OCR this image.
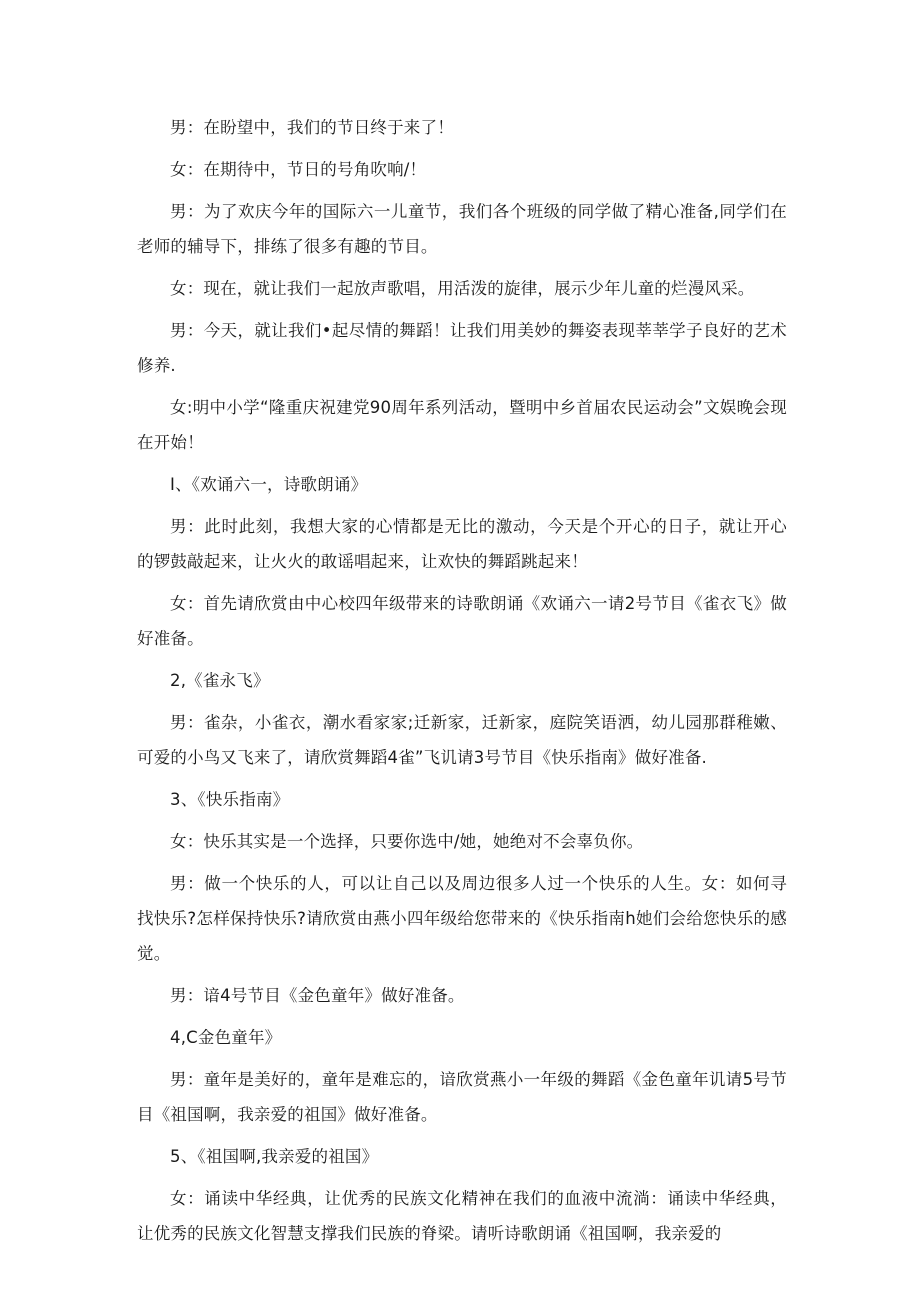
男：在盼望中，我们的节日终于来了！

女：在期待中，节日的号角吹响/！

男：为了欢庆今年的国际六一儿童节，我们各个班级的同学做了精心准备,同学们在老师的辅导下，排练了很多有趣的节目。

女：现在，就让我们一起放声歌唱，用活泼的旋律，展示少年儿童的烂漫风采。

男：今天，就让我们•起尽情的舞蹈！让我们用美妙的舞姿表现莘莘学子良好的艺术修养.

女:明中小学“隆重庆祝建党90周年系列活动，暨明中乡首届农民运动会”文娱晚会现在开始！

I、《欢诵六一，诗歌朗诵》

男：此时此刻，我想大家的心情都是无比的激动，今天是个开心的日子，就让开心的锣鼓敲起来，让火火的敢谣唱起来，让欢快的舞蹈跳起来！

女：首先请欣赏由中心校四年级带来的诗歌朗诵《欢诵六一请2号节目《雀衣飞》做好准备。

2,《雀永飞》

男：雀杂，小雀衣，潮水看家家;迁新家，迁新家，庭院笑语洒，幼儿园那群稚嫩、可爱的小鸟又飞来了，请欣赏舞蹈4雀”飞讥请3号节目《快乐指南》做好准备.

3、《快乐指南》

女：快乐其实是一个选择，只要你选中/她，她绝对不会辜负你。

男：做一个快乐的人，可以让自己以及周边很多人过一个快乐的人生。女：如何寻找快乐?怎样保持快乐?请欣赏由燕小四年级给您带来的《快乐指南h她们会给您快乐的感觉。

男：谙4号节目《金色童年》做好准备。

4,C金色童年》

男：童年是美好的，童年是难忘的，谙欣赏燕小一年级的舞蹈《金色童年讥请5号节目《祖国啊，我亲爱的祖国》做好准备。

5、《祖国啊,我亲爱的祖国》

女：诵读中华经典，让优秀的民族文化精神在我们的血液中流淌：诵读中华经典，让优秀的民族文化智慧支撑我们民族的脊梁。请听诗歌朗诵《祖国啊，我亲爱的
